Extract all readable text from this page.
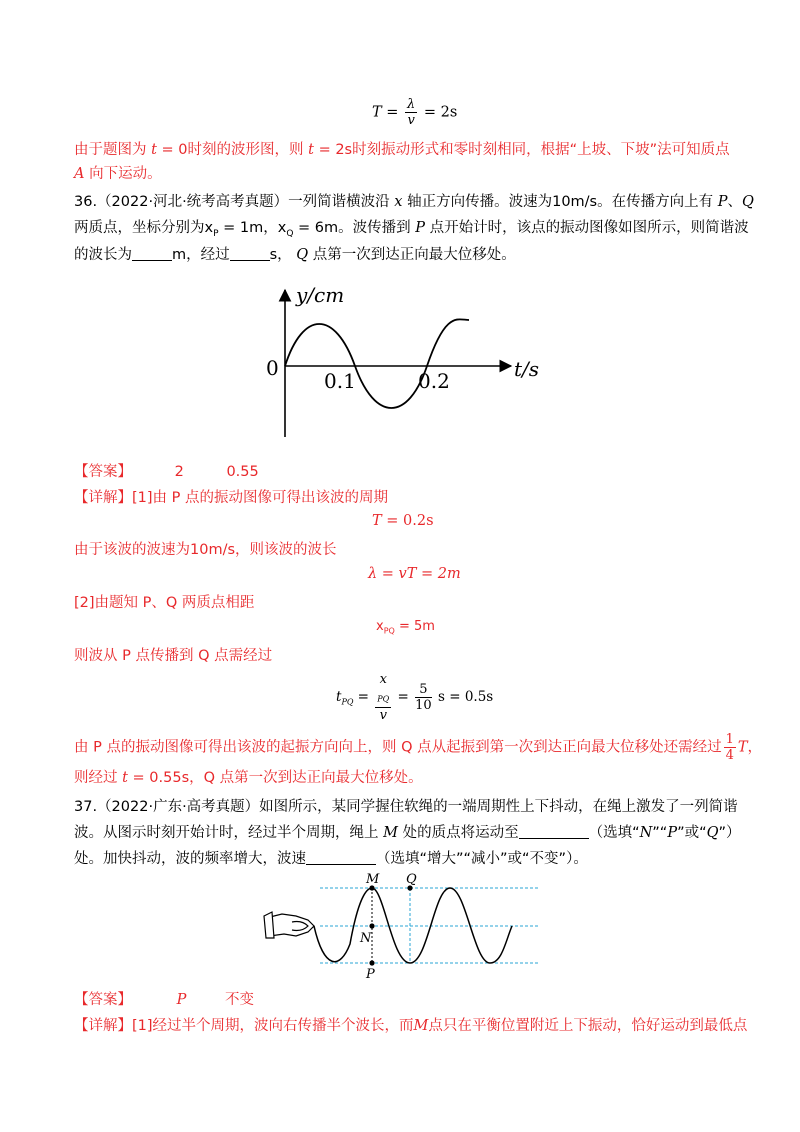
$T = \frac{\lambda}{v} = 2s$
由于题图为 t = 0时刻的波形图，则 t = 2s时刻振动形式和零时刻相同，根据“上坡、下坡”法可知质点
A 向下运动。
36.（2022·河北·统考高考真题）一列简谐横波沿 x 轴正方向传播。波速为10m/s。在传播方向上有 P、Q
两质点，坐标分别为$x_P = 1m$，$x_Q = 6m$。波传播到 P 点开始计时，该点的振动图像如图所示，则简谐波
的波长为	m，经过	s， Q 点第一次到达正向最大位移处。
y/cm
t/s
0
0.1	0.2
【答案】	2	0.55
【详解】[1]由 P 点的振动图像可得出该波的周期
T = 0.2s
由于该波的波速为10m/s，则该波的波长
λ = vT = 2m
[2]由题知 P、Q 两质点相距
$x_{PQ} = 5m$
则波从 P 点传播到 Q 点需经过
$t_{PQ} = x$
$_{PQ}$
$v = \frac{5}{10}$ s = 0.5s
由 P 点的振动图像可得出该波的起振方向向上，则 Q 点从起振到第一次到达正向最大位移处还需经过 $\frac{1}{4}$ T，
则经过 t = 0.55s，Q 点第一次到达正向最大位移处。
37.（2022·广东·高考真题）如图所示，某同学握住软绳的一端周期性上下抖动，在绳上激发了一列简谐
波。从图示时刻开始计时，经过半个周期，绳上 M 处的质点将运动至	（选填“N”“P”或“Q”）
处。加快抖动，波的频率增大，波速	（选填“增大”“减小”或“不变”）。
M Q
N
P
【答案】	P	不变
【详解】[1]经过半个周期，波向右传播半个波长，而M点只在平衡位置附近上下振动，恰好运动到最低点
